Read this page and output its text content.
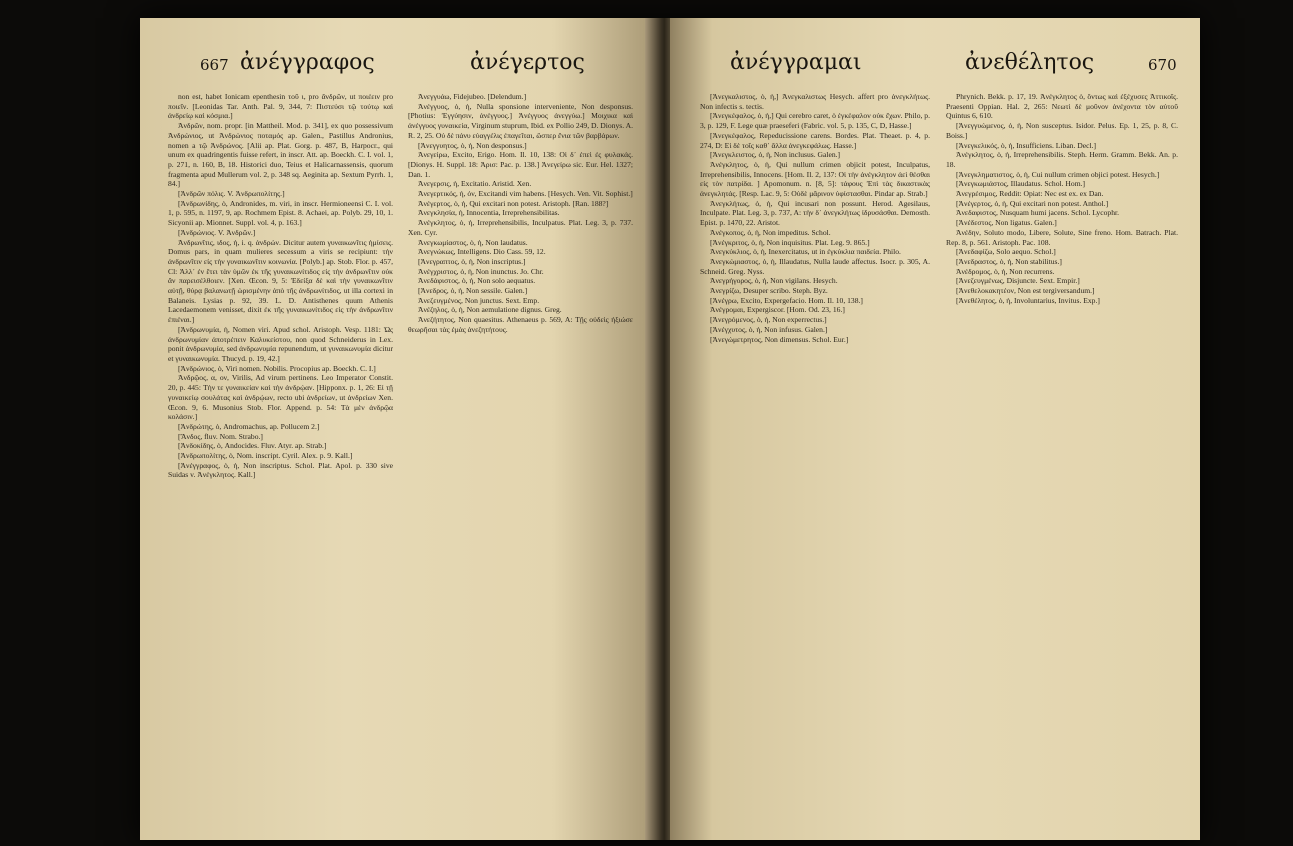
667 ἀνέγγραφος	ἀνέγερτος

non est, habet Ionicam epenthesin τοῦ ι, pro ἄνδρῶν, ut ποιέειν pro ποιεῖν. [Leonidas Tar. Anth. Pal. 9, 344, 7: Πιστεύσι τῷ τούτῳ καὶ ἀνδρείῳ καὶ κόσμια.]

Ἀνδρῶν, nom. propr. [in Mattheil. Mod. p. 341], ex quo possessivum Ἀνδρώνιος, ut Ἀνδρώνιος ποταμός ap. Galen., Pastillus Andronius, nomen a τῷ Ἀνδρώνος. [Alii ap. Plat. Gorg. p. 487, B, Harpocr., qui unum ex quadringentis fuisse refert, in inscr. Att. ap. Boeckh. C. I. vol. 1, p. 271, n. 160, B, 18. Historici duo, Teius et Halicarnassensis, quorum fragmenta apud Mullerum vol. 2, p. 348 sq. Aeginita ap. Sextum Pyrrh. 1, 84.]

[Ἀνδρῶν πόλις. V. Ἀνδρωπολίτης.]

[Ἀνδρωνίδης, ὁ, Andronides, m. viri, in inscr. Hermioneensi C. I. vol. 1, p. 595, n. 1197, 9, ap. Rochmem Epist. 8. Achaei, ap. Polyb. 29, 10, 1. Sicyonii ap. Mionnet. Suppl. vol. 4, p. 163.]

[Ἀνδρώνιος. V. Ἀνδρῶν.]

Ἀνδρωνῖτις, ιδος, ἡ, i. q. ἀνδρών. Dicitur autem γυναικωνῖτις ἡμίσεις. Domus pars, in quam mulieres secessum a viris se recipiunt: τὴν ἀνδρωνῖτιν εἰς τὴν γυναικωνῖτιν κοινωνία. [Polyb.] ap. Stob. Flor. p. 457, Cl: Ἀλλ᾽ ἐν ἔτει τὰν ὑμῶν ἐκ τῆς γυναικωνίτιδος εἰς τὴν ἀνδρωνῖτιν οὐκ ἂν παρεισέλθοιεν. [Xen. Œcon. 9, 5: Ἐδείξα δὲ καὶ τὴν γυναικωνῖτιν αὐτῇ, θύρᾳ βαλανωτῇ ὡρισμένην ἀπὸ τῆς ἀνδρωνίτιδος, ut illa cortexi in Balaneis. Lysias p. 92, 39. L. D. Antisthenes quum Athenis Lacedaemonem venisset, dixit ἐκ τῆς γυναικωνίτιδος εἰς τὴν ἀνδρωνῖτιν ἐπιέναι.]

[Ἀνδρωνυμία, ἡ, Nomen viri. Apud schol. Aristoph. Vesp. 1181: Ὡς ἀνδρωνυμίαν ἀποτρέπειν Καλυκείστου, non quod Schneiderus in Lex. ponit ἀνδρωνυμία, sed ἀνδρωνυμία repunendum, ut γυναικωνυμία dicitur et γυναικωνυμία. Thucyd. p. 19, 42.]

[Ἀνδρώνιος, ὁ, Viri nomen. Nobilis. Procopius ap. Boeckh. C. I.]

Ἀνδρῷος, α, ον, Virilis, Ad virum pertinens. Leo Imperator Constit. 20, p. 445: Τὴν τε γυναικείαν καὶ τὴν ἀνδρῴαν. [Hipponx. p. 1, 26: Εἰ τῇ γυναικείῳ σουλάτας καὶ ἀνδρῴων, recto ubi ἀνδρείων, ut ἀνδρείων Xen. Œcon. 9, 6. Musonius Stob. Flor. Append. p. 54: Τὰ μὲν ἀνδρῷα κολάσιν.]

[Ἀνδρώτης, ὁ, Andromachus, ap. Pollucem 2.]

[Ἄνδος, fluv. Nom. Strabo.]

[Ἀνδοκίδης, ὁ, Andocides. Fluv. Atyr. ap. Strab.]

[Ἀνδρωπολίτης, ὁ, Nom. inscript. Cyril. Alex. p. 9. Kall.]

[Ἀνέγγραφος, ὁ, ἡ, Non inscriptus. Schol. Plat. Apol. p. 330 sive Suidas v. Ἀνέγκλητος. Kall.]

Ἀνεγγυάω, Fidejubeo. [Delendum.]

Ἀνέγγυος, ὁ, ἡ, Nulla sponsione interveniente, Non desponsus. [Photius: Ἐγγύησιν, ἀνέγγυος.] Ἀνέγγυος ἀνεγγύω.] Μοιχικα καὶ ἀνέγγυος γυναικεία, Virginum stuprum, Ibid. ex Pollio 249, D. Dionys. A. R. 2, 25. Oὐ δὲ πάνυ εὐαγγέλις ἐπαγεῖται, ὥσπερ ἔνια τῶν βαρβάρων.

[Ἀνεγγυητος, ὁ, ἡ, Non desponsus.]

Ἀνεγείρω, Excito, Erigo. Hom. Il. 10, 138: Οἱ δ᾽ ἐπεὶ ἐς φυλακάς. [Dionys. H. Suppl. 18: Ἀρισ: Pac. p. 138.] Ἀνεγείρω sic. Eur. Hel. 1327; Dan. 1.

Ἀνεγερσις, ἡ, Excitatio. Aristid. Xen.

Ἀνεγερτικός, ή, όν, Excitandi vim habens. [Hesych. Ven. Vit. Sophist.]

Ἀνέγερτος, ὁ, ἡ, Qui excitari non potest. Aristoph. [Ran. 188?]

Ἀνεγκλησία, ἡ, Innocentia, Irreprehensibilitas.

Ἀνέγκλητος, ὁ, ἡ, Irreprehensibilis, Inculpatus. Plat. Leg. 3, p. 737. Xen. Cyr.

Ἀνεγκωμίαστος, ὁ, ἡ, Non laudatus.

Ἀνεγνώκως, Intelligens. Dio Cass. 59, 12.

[Ἀνεγραπτος, ὁ, ἡ, Non inscriptus.]

Ἀνέγχριστος, ὁ, ἡ, Non inunctus. Jo. Chr.

Ἀνεδάφιστος, ὁ, ἡ, Non solo aequatus.

[Ἀνεδρος, ὁ, ἡ, Non sessile. Galen.]

Ἀνεζευγμένος, Non junctus. Sext. Emp.

Ἀνέζηλος, ὁ, ἡ, Non aemulatione dignus. Greg.

Ἀνεζήτητος, Non quaesitus. Athenaeus p. 569, A: Τῇς οὐδεὶς ἠξιώσε θεωρῆσαι τὰς ἐμὰς ἀνεζητήτους.

ἀνέγγραμαι	ἀνεθέλητος	670

[Ἀνεγκαλιστος, ὁ, ἡ,] Ἀνεγκαλιστως Hesych. affert pro ἀνεγκλήτως. Non infectis s. tectis.

[Ἀνεγκέφαλος, ὁ, ἡ,] Qui cerebro caret, ὁ ἐγκέφαλον οὐκ ἔχων. Philo, p. 3, p. 129, F. Lege quæ praeseferi (Fabric. vol. 5, p. 135, C, D, Hasse.]

[Ἀνεγκέφαλος, Repeducissione carens. Bordes. Plat. Theaet. p. 4, p. 274, D: Εἰ δὲ τοῖς καθ᾽ ἄλλα ἀνεγκεφάλως. Hasse.]

[Ἀνεγκλειστος, ὁ, ἡ, Non inclusus. Galen.]

Ἀνέγκλητος, ὁ, ἡ, Qui nullum crimen objicit potest, Inculpatus, Irreprehensibilis, Innocens. [Hom. Il. 2, 137: Οἱ τὴν ἀνέγκλητον ἀεὶ θέσθαι εἰς τὸν πατρίδα. ] Apomonum. n. [8, 5]: τάφους Ἐπὶ τὰς δικαστικὰς ἀνεγκλητάς. [Resp. Lac. 9, 5: Οὐδὲ μᾶρινον ὑφίστασθαι. Pindar ap. Strab.]

Ἀνεγκλήτως, ὁ, ἡ, Qui incusari non possunt. Herod. Agesilaus, Inculpate. Plat. Leg. 3, p. 737, A: τὴν δ᾽ ἀνεγκλήτως ἰδρυσάσθαι. Demosth. Epist. p. 1470, 22. Aristot.

Ἀνέγκοπος, ὁ, ἡ, Non impeditus. Schol.

[Ἀνέγκριτος, ὁ, ἡ, Non inquisitus. Plat. Leg. 9. 865.]

Ἀνεγκύκλιος, ὁ, ἡ, Inexercitatus, ut in ἐγκύκλια παιδεία. Philo.

Ἀνεγκώμιαστος, ὁ, ἡ, Illaudatus, Nulla laude affectus. Isocr. p. 305, A. Schneid. Greg. Nyss.

Ἀνεγρήγορος, ὁ, ἡ, Non vigilans. Hesych.

Ἀνεγρίζω, Desuper scribo. Steph. Byz.

[Ἀνέγρω, Excito, Expergefacio. Hom. Il. 10, 138.]

Ἀνέγρομαι, Expergiscor. [Hom. Od. 23, 16.]

[Ἀνεγρόμενος, ὁ, ἡ, Non experrectus.]

[Ἀνέγχυτος, ὁ, ἡ, Non infusus. Galen.]

[Ἀνεγώμετρητος, Non dimensus. Schol. Eur.]

Phrynich. Bekk. p. 17, 19. Ἀνέγκλητος ὁ, ὄντως καὶ ἐξέχυσες Ἀττικοῖς. Praesenti Oppian. Hal. 2, 265: Νεωτὶ δὲ μοῦνον ἀνέχοντα τὸν αὐτοῦ Quintus 6, 610.

[Ἀνεγγυώμενος, ὁ, ἡ, Non susceptus. Isidor. Pelus. Ep. 1, 25, p. 8, C. Boiss.]

[Ἀνεγκελικός, ὁ, ἡ, Insufficiens. Liban. Decl.]

Ἀνέγκλητος, ὁ, ἡ, Irreprehensibilis. Steph. Herm. Gramm. Bekk. An. p. 18.

[Ἀνεγκληματιστος, ὁ, ἡ, Cui nullum crimen objici potest. Hesych.]

[Ἀνεγκωμιάστος, Illaudatus. Schol. Hom.]

Ἀνεγρέσιμος, Reddit: Opiat: Nec est ex. ex Dan.

[Ἀνέγερτος, ὁ, ἡ, Qui excitari non potest. Anthol.]

Ἀνεδαφιστος, Nusquam humi jacens. Schol. Lycophr.

[Ἀνέδεστος, Non ligatus. Galen.]

Ἀνέδην, Soluto modo, Libere, Solute, Sine freno. Hom. Batrach. Plat. Rep. 8, p. 561. Aristoph. Pac. 108.

[Ἀνεδαφίζω, Solo aequo. Schol.]

[Ἀνεδραστος, ὁ, ἡ, Non stabilitus.]

Ἀνέδρομος, ὁ, ἡ, Non recurrens.

[Ἀνεζευγμένως, Disjuncte. Sext. Empir.]

[Ἀνεθελοκακητέον, Non est tergiversandum.]

[Ἀνεθέλητος, ὁ, ἡ, Involuntarius, Invitus. Exp.]
